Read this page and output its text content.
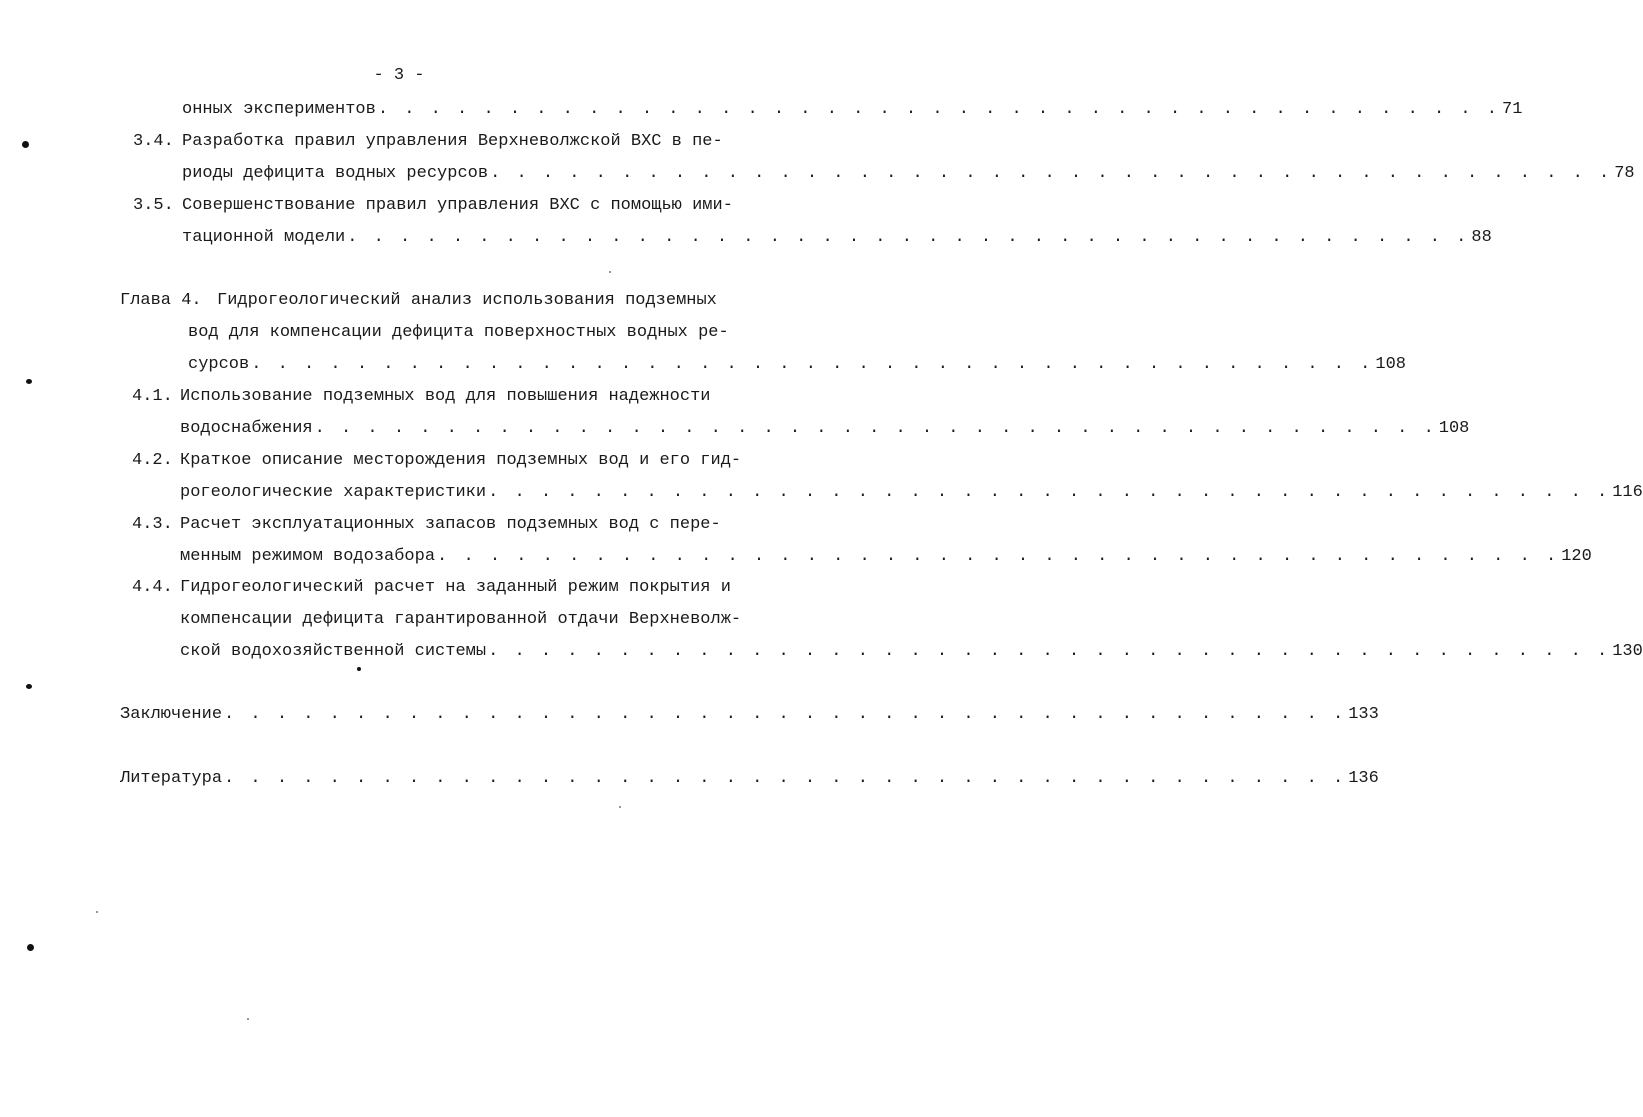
- 3 -
онных экспериментов . . . . . . . . . . . . . . . . . . . . . . . . . . . . . . . . . . . . . . . . . . . 71
3.4. Разработка правил управления Верхневолжской ВХС в пе-
риоды дефицита водных ресурсов . . . . . . . . . . . . . . . . . . . . . . . . . . . . . . . . . . . . . . . . . . . 78
3.5. Совершенствование правил управления ВХС с помощью ими-
тационной модели . . . . . . . . . . . . . . . . . . . . . . . . . . . . . . . . . . . . . . . . . . . 88
Глава 4. Гидрогеологический анализ использования подземных
вод для компенсации дефицита поверхностных водных ре-
сурсов . . . . . . . . . . . . . . . . . . . . . . . . . . . . . . . . . . . . . . . . . . . 108
4.1. Использование подземных вод для повышения надежности
водоснабжения . . . . . . . . . . . . . . . . . . . . . . . . . . . . . . . . . . . . . . . . . . . 108
4.2. Краткое описание месторождения подземных вод и его гид-
рогеологические характеристики . . . . . . . . . . . . . . . . . . . . . . . . . . . . . . . . . . . . . . . . . . . 116
4.3. Расчет эксплуатационных запасов подземных вод с пере-
менным режимом водозабора . . . . . . . . . . . . . . . . . . . . . . . . . . . . . . . . . . . . . . . . . . . 120
4.4. Гидрогеологический расчет на заданный режим покрытия и
компенсации дефицита гарантированной отдачи Верхневолж-
ской водохозяйственной системы . . . . . . . . . . . . . . . . . . . . . . . . . . . . . . . . . . . . . . . . . . . 130
Заключение . . . . . . . . . . . . . . . . . . . . . . . . . . . . . . . . . . . . . . . . . . . 133
Литература . . . . . . . . . . . . . . . . . . . . . . . . . . . . . . . . . . . . . . . . . . . 136
